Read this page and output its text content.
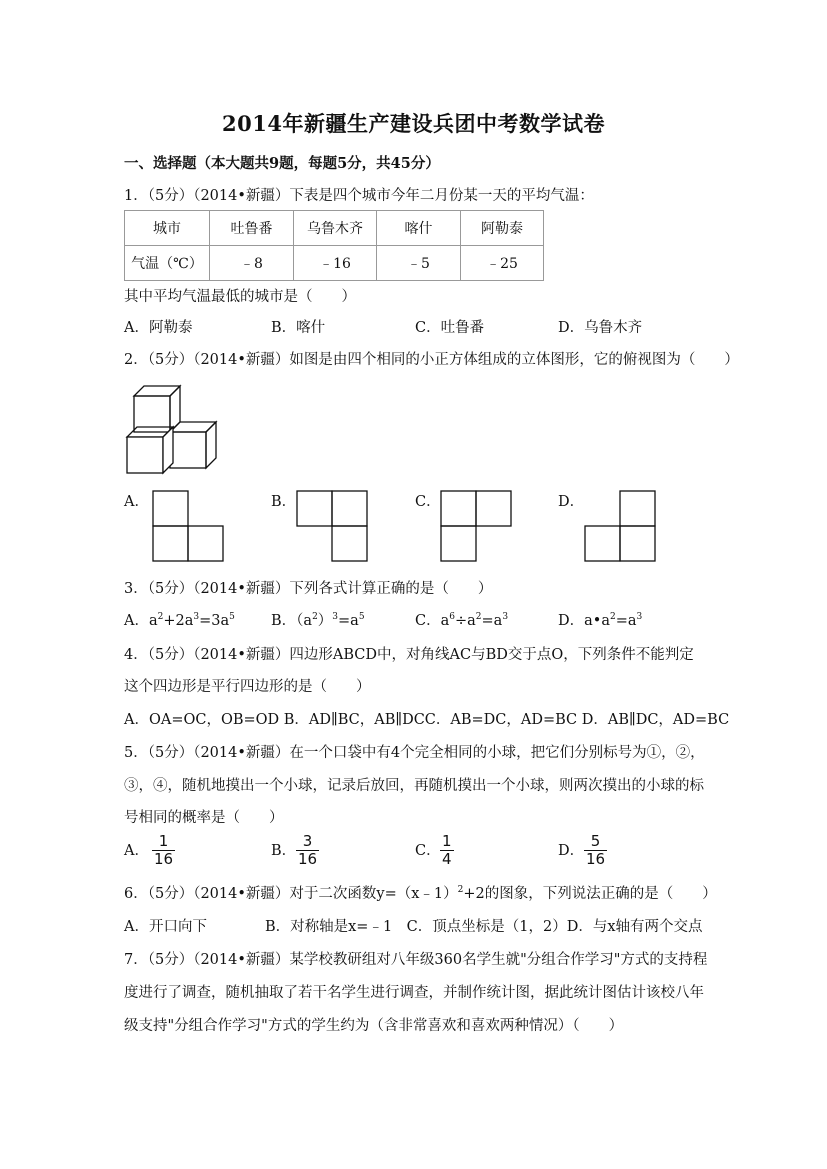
2014年新疆生产建设兵团中考数学试卷
一、选择题（本大题共9题，每题5分，共45分）
1．（5分）（2014•新疆）下表是四个城市今年二月份某一天的平均气温：
城市	吐鲁番	乌鲁木齐	喀什	阿勒泰
气温（℃）	﹣8	﹣16	﹣5	﹣25
其中平均气温最低的城市是（　　）
A．阿勒泰	B．喀什	C．吐鲁番	D．乌鲁木齐
2．（5分）（2014•新疆）如图是由四个相同的小正方体组成的立体图形，它的俯视图为（　　）
A．	B．	C．	D．
3．（5分）（2014•新疆）下列各式计算正确的是（　　）
A．$a^2+2a^3=3a^5$ B．$(a^2)^3=a^5$	C．$a^6\div a^2=a^3$	D．$a•a^2=a^3$
4．（5分）（2014•新疆）四边形ABCD中，对角线AC与BD交于点O，下列条件不能判定
这个四边形是平行四边形的是（　　）
A．OA=OC，OB=OD B．AD∥BC，AB∥DCC．AB=DC，AD=BC D．AB∥DC，AD=BC
5．（5分）（2014•新疆）在一个口袋中有4个完全相同的小球，把它们分别标号为①，②，
③，④，随机地摸出一个小球，记录后放回，再随机摸出一个小球，则两次摸出的小球的标
号相同的概率是（　　）
A． $\frac{1}{16}$	B． $\frac{3}{16}$	C． $\frac{1}{4}$	D． $\frac{5}{16}$
6．（5分）（2014•新疆）对于二次函数y=（x﹣1）$^2$+2的图象，下列说法正确的是（　　）
A．开口向下　　　　B．对称轴是x=﹣1　C．顶点坐标是（1，2）D．与x轴有两个交点
7．（5分）（2014•新疆）某学校教研组对八年级360名学生就"分组合作学习"方式的支持程
度进行了调查，随机抽取了若干名学生进行调查，并制作统计图，据此统计图估计该校八年
级支持"分组合作学习"方式的学生约为（含非常喜欢和喜欢两种情况）（　　）
